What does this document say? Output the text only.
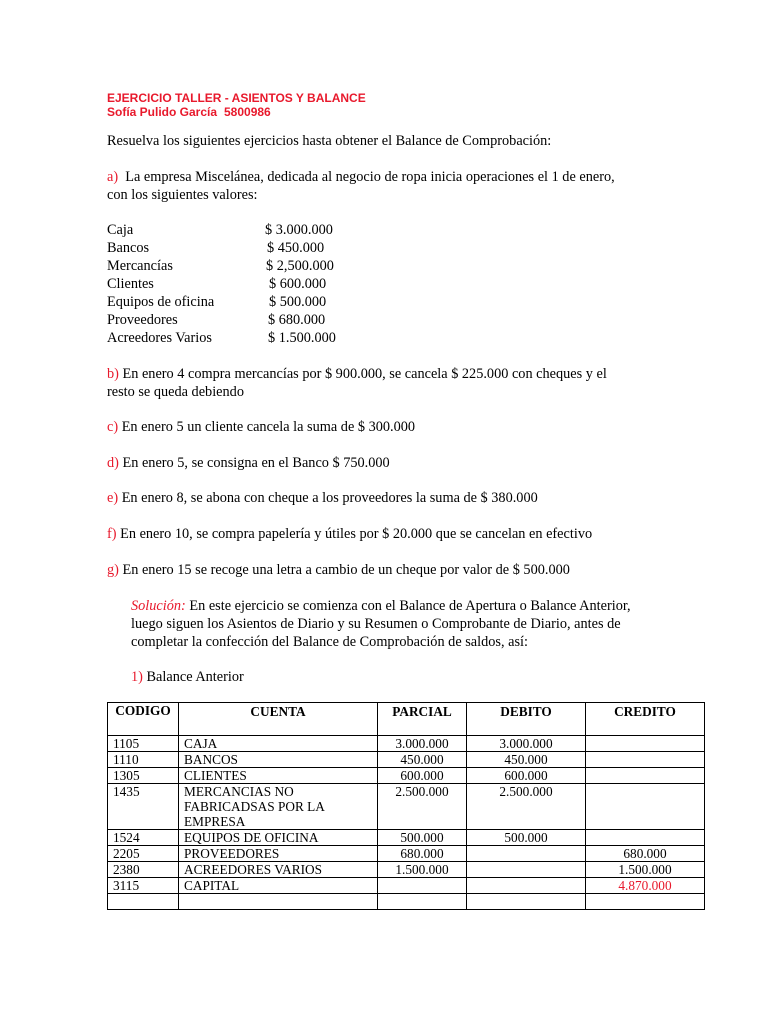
EJERCICIO TALLER - ASIENTOS Y BALANCE
Sofía Pulido García 5800986
Resuelva los siguientes ejercicios hasta obtener el Balance de Comprobación:
a) La empresa Miscelánea, dedicada al negocio de ropa inicia operaciones el 1 de enero,
con los siguientes valores:
Caja	$ 3.000.000
Bancos	$ 450.000
Mercancías	$ 2,500.000
Clientes	$ 600.000
Equipos de oficina	$ 500.000
Proveedores	$ 680.000
Acreedores Varios	$ 1.500.000
b) En enero 4 compra mercancías por $ 900.000, se cancela $ 225.000 con cheques y el
resto se queda debiendo
c) En enero 5 un cliente cancela la suma de $ 300.000
d) En enero 5, se consigna en el Banco $ 750.000
e) En enero 8, se abona con cheque a los proveedores la suma de $ 380.000
f) En enero 10, se compra papelería y útiles por $ 20.000 que se cancelan en efectivo
g) En enero 15 se recoge una letra a cambio de un cheque por valor de $ 500.000
Solución: En este ejercicio se comienza con el Balance de Apertura o Balance Anterior,
luego siguen los Asientos de Diario y su Resumen o Comprobante de Diario, antes de
completar la confección del Balance de Comprobación de saldos, así:
1) Balance Anterior
CODIGO	CUENTA	PARCIAL	DEBITO	CREDITO
1105	CAJA	3.000.000	3.000.000	
1110	BANCOS	450.000	450.000	
1305	CLIENTES	600.000	600.000	
1435	MERCANCIAS NO FABRICADSAS POR LA EMPRESA	2.500.000	2.500.000	
1524	EQUIPOS DE OFICINA	500.000	500.000	
2205	PROVEEDORES	680.000		680.000
2380	ACREEDORES VARIOS	1.500.000		1.500.000
3115	CAPITAL			4.870.000
